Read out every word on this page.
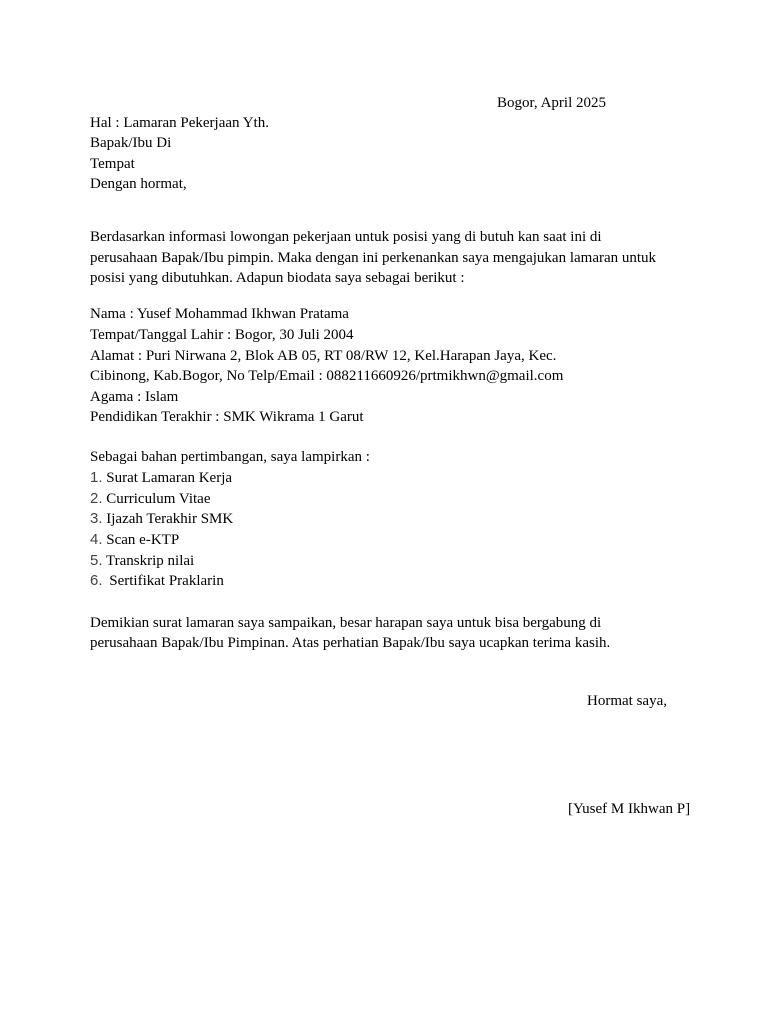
Bogor, April 2025
Hal : Lamaran Pekerjaan Yth.
Bapak/Ibu Di
Tempat
Dengan hormat,
Berdasarkan informasi lowongan pekerjaan untuk posisi yang di butuh kan saat ini di
perusahaan Bapak/Ibu pimpin. Maka dengan ini perkenankan saya mengajukan lamaran untuk
posisi yang dibutuhkan. Adapun biodata saya sebagai berikut :
Nama : Yusef Mohammad Ikhwan Pratama
Tempat/Tanggal Lahir : Bogor, 30 Juli 2004
Alamat : Puri Nirwana 2, Blok AB 05, RT 08/RW 12, Kel.Harapan Jaya, Kec.
Cibinong, Kab.Bogor, No Telp/Email : 088211660926/prtmikhwn@gmail.com
Agama : Islam
Pendidikan Terakhir : SMK Wikrama 1 Garut
Sebagai bahan pertimbangan, saya lampirkan :
1. Surat Lamaran Kerja
2. Curriculum Vitae
3. Ijazah Terakhir SMK
4. Scan e-KTP
5. Transkrip nilai
6. Sertifikat Praklarin
Demikian surat lamaran saya sampaikan, besar harapan saya untuk bisa bergabung di
perusahaan Bapak/Ibu Pimpinan. Atas perhatian Bapak/Ibu saya ucapkan terima kasih.
Hormat saya,
[Yusef M Ikhwan P]
